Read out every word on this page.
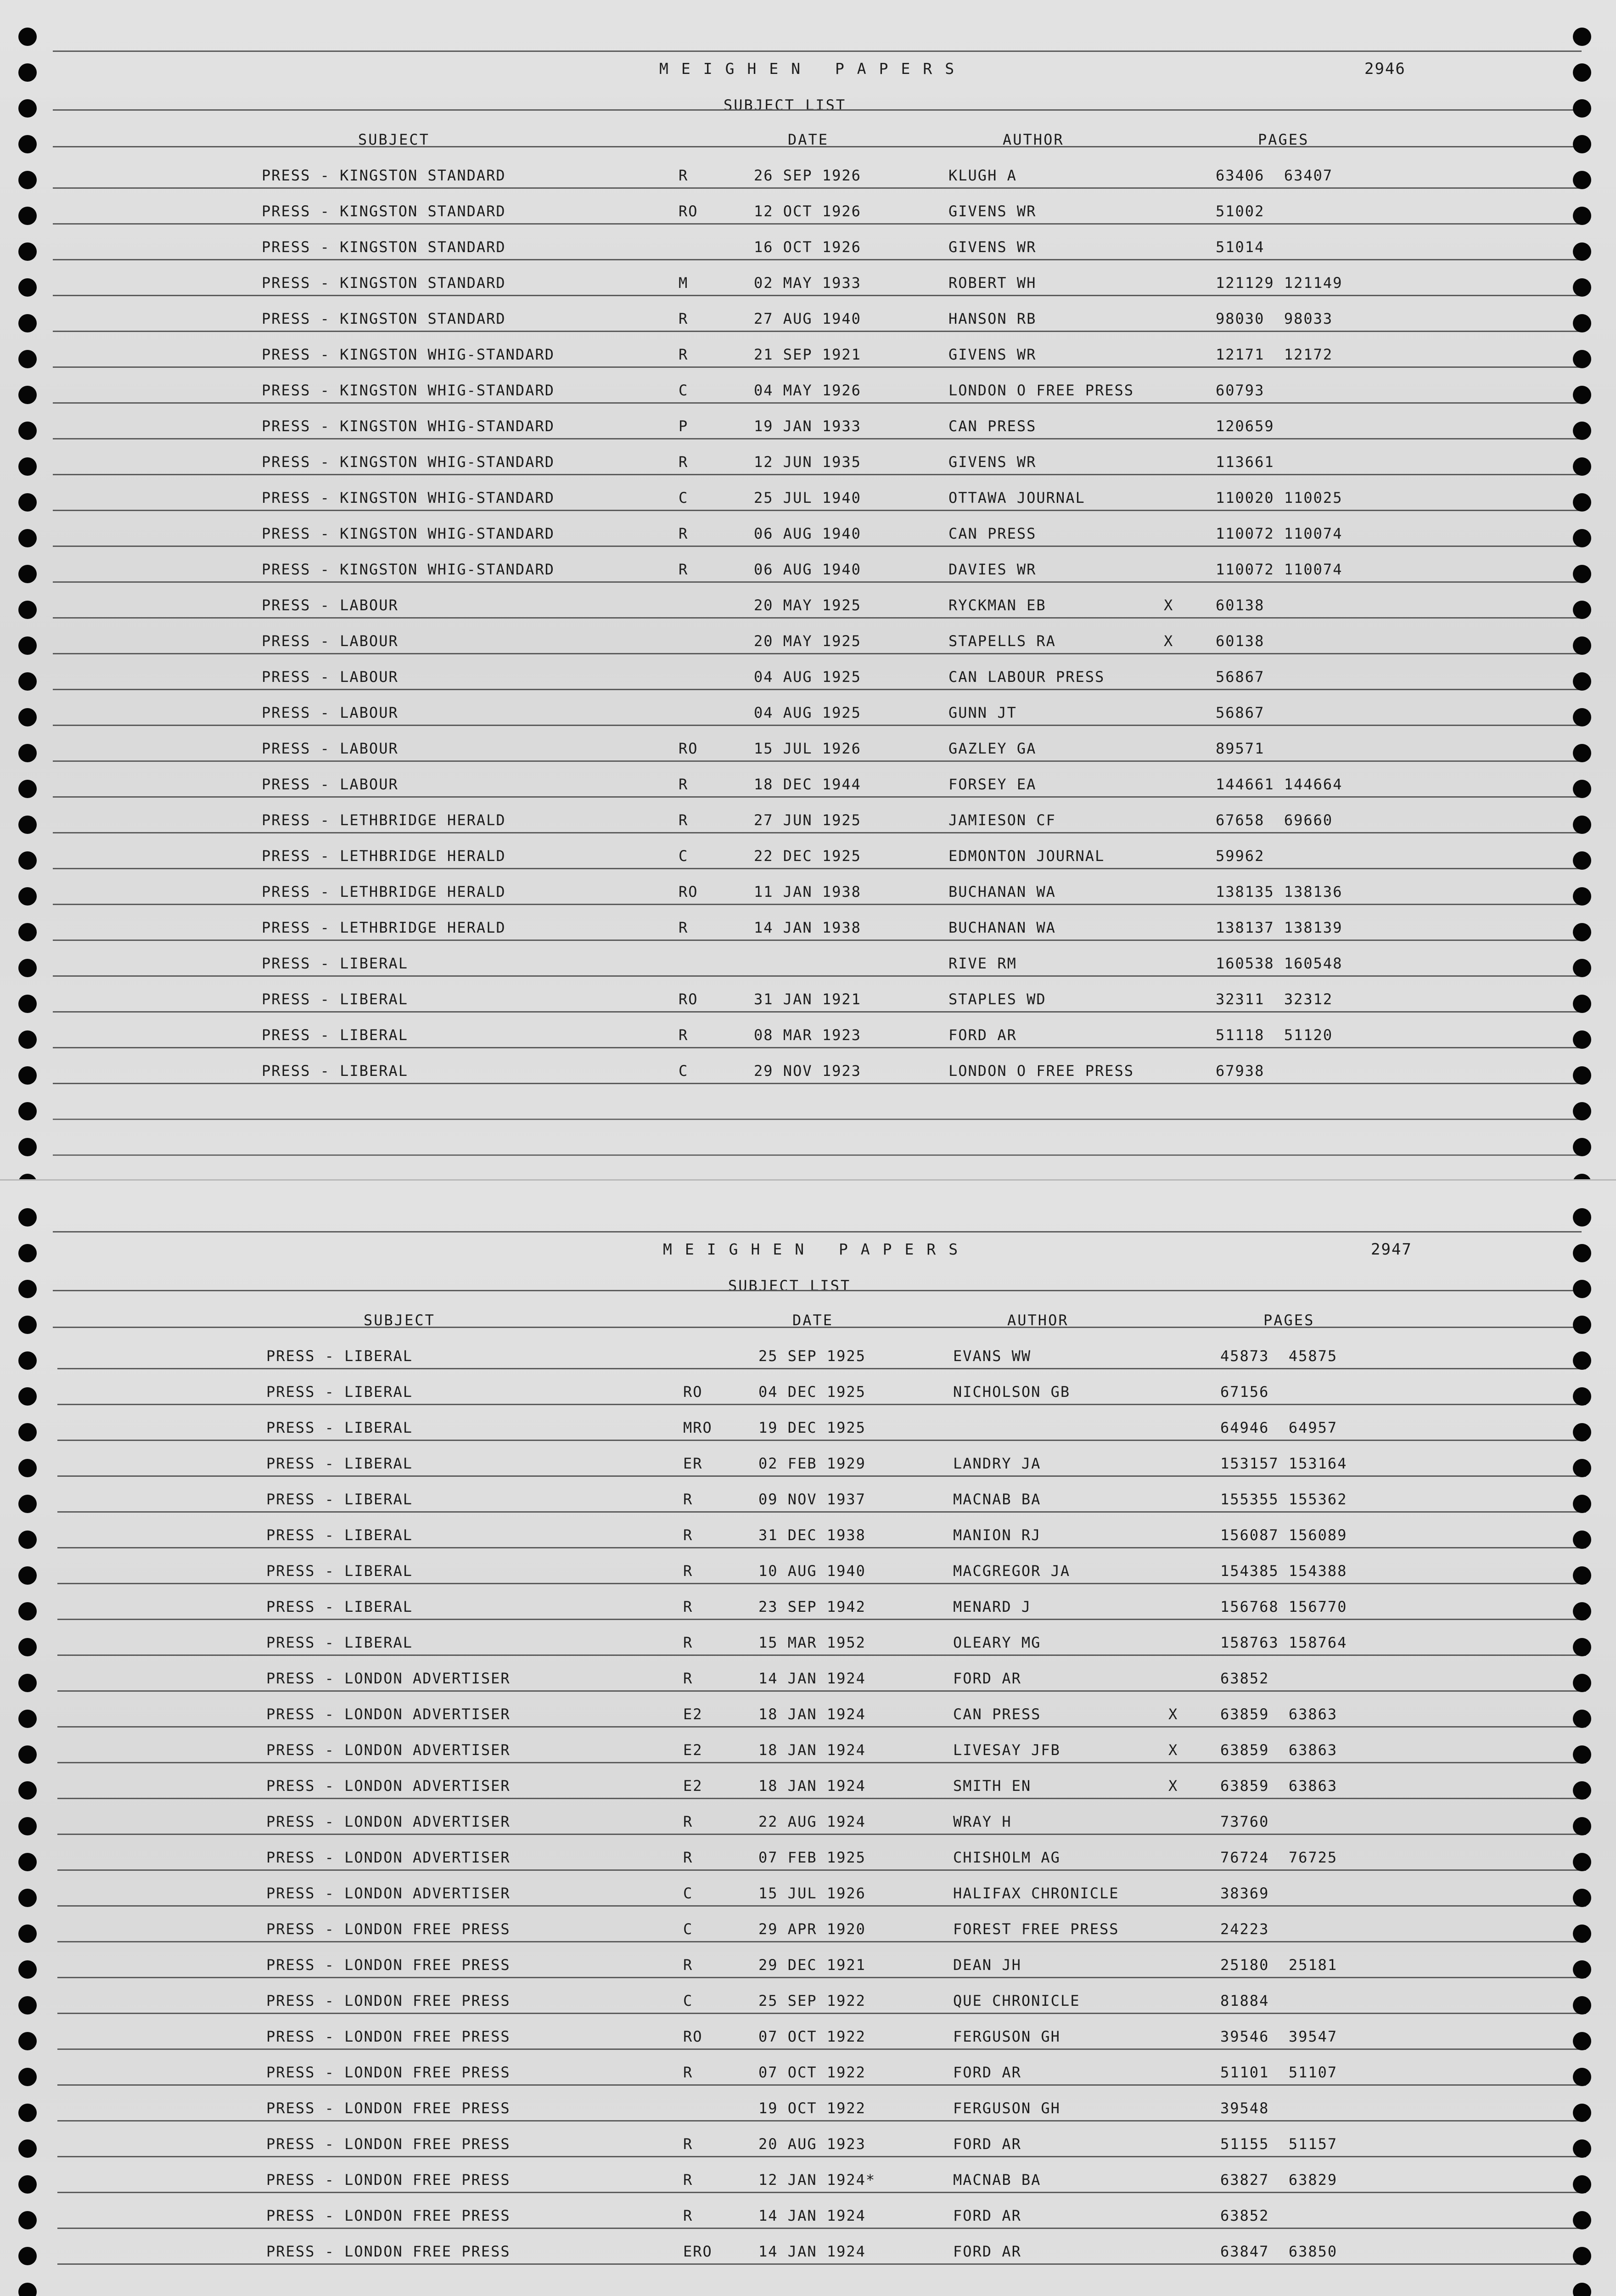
MEIGHEN PAPERS	2946
SUBJECT LIST
SUBJECT	DATE	AUTHOR	PAGES
PRESS - KINGSTON STANDARD	R	26 SEP 1926	KLUGH A	63406  63407
PRESS - KINGSTON STANDARD	RO	12 OCT 1926	GIVENS WR	51002
PRESS - KINGSTON STANDARD	16 OCT 1926	GIVENS WR	51014
PRESS - KINGSTON STANDARD	M	02 MAY 1933	ROBERT WH	121129 121149
PRESS - KINGSTON STANDARD	R	27 AUG 1940	HANSON RB	98030  98033
PRESS - KINGSTON WHIG-STANDARD	R	21 SEP 1921	GIVENS WR	12171  12172
PRESS - KINGSTON WHIG-STANDARD	C	04 MAY 1926	LONDON O FREE PRESS	60793
PRESS - KINGSTON WHIG-STANDARD	P	19 JAN 1933	CAN PRESS	120659
PRESS - KINGSTON WHIG-STANDARD	R	12 JUN 1935	GIVENS WR	113661
PRESS - KINGSTON WHIG-STANDARD	C	25 JUL 1940	OTTAWA JOURNAL	110020 110025
PRESS - KINGSTON WHIG-STANDARD	R	06 AUG 1940	CAN PRESS	110072 110074
PRESS - KINGSTON WHIG-STANDARD	R	06 AUG 1940	DAVIES WR	110072 110074
PRESS - LABOUR	20 MAY 1925	RYCKMAN EB	X	60138
PRESS - LABOUR	20 MAY 1925	STAPELLS RA	X	60138
PRESS - LABOUR	04 AUG 1925	CAN LABOUR PRESS	56867
PRESS - LABOUR	04 AUG 1925	GUNN JT	56867
PRESS - LABOUR	RO	15 JUL 1926	GAZLEY GA	89571
PRESS - LABOUR	R	18 DEC 1944	FORSEY EA	144661 144664
PRESS - LETHBRIDGE HERALD	R	27 JUN 1925	JAMIESON CF	67658  69660
PRESS - LETHBRIDGE HERALD	C	22 DEC 1925	EDMONTON JOURNAL	59962
PRESS - LETHBRIDGE HERALD	RO	11 JAN 1938	BUCHANAN WA	138135 138136
PRESS - LETHBRIDGE HERALD	R	14 JAN 1938	BUCHANAN WA	138137 138139
PRESS - LIBERAL	RIVE RM	160538 160548
PRESS - LIBERAL	RO	31 JAN 1921	STAPLES WD	32311  32312
PRESS - LIBERAL	R	08 MAR 1923	FORD AR	51118  51120
PRESS - LIBERAL	C	29 NOV 1923	LONDON O FREE PRESS	67938
MEIGHEN PAPERS	2947
SUBJECT LIST
SUBJECT	DATE	AUTHOR	PAGES
PRESS - LIBERAL	25 SEP 1925	EVANS WW	45873  45875
PRESS - LIBERAL	RO	04 DEC 1925	NICHOLSON GB	67156
PRESS - LIBERAL	MRO	19 DEC 1925	64946  64957
PRESS - LIBERAL	ER	02 FEB 1929	LANDRY JA	153157 153164
PRESS - LIBERAL	R	09 NOV 1937	MACNAB BA	155355 155362
PRESS - LIBERAL	R	31 DEC 1938	MANION RJ	156087 156089
PRESS - LIBERAL	R	10 AUG 1940	MACGREGOR JA	154385 154388
PRESS - LIBERAL	R	23 SEP 1942	MENARD J	156768 156770
PRESS - LIBERAL	R	15 MAR 1952	OLEARY MG	158763 158764
PRESS - LONDON ADVERTISER	R	14 JAN 1924	FORD AR	63852
PRESS - LONDON ADVERTISER	E2	18 JAN 1924	CAN PRESS	X	63859  63863
PRESS - LONDON ADVERTISER	E2	18 JAN 1924	LIVESAY JFB	X	63859  63863
PRESS - LONDON ADVERTISER	E2	18 JAN 1924	SMITH EN	X	63859  63863
PRESS - LONDON ADVERTISER	R	22 AUG 1924	WRAY H	73760
PRESS - LONDON ADVERTISER	R	07 FEB 1925	CHISHOLM AG	76724  76725
PRESS - LONDON ADVERTISER	C	15 JUL 1926	HALIFAX CHRONICLE	38369
PRESS - LONDON FREE PRESS	C	29 APR 1920	FOREST FREE PRESS	24223
PRESS - LONDON FREE PRESS	R	29 DEC 1921	DEAN JH	25180  25181
PRESS - LONDON FREE PRESS	C	25 SEP 1922	QUE CHRONICLE	81884
PRESS - LONDON FREE PRESS	RO	07 OCT 1922	FERGUSON GH	39546  39547
PRESS - LONDON FREE PRESS	R	07 OCT 1922	FORD AR	51101  51107
PRESS - LONDON FREE PRESS	19 OCT 1922	FERGUSON GH	39548
PRESS - LONDON FREE PRESS	R	20 AUG 1923	FORD AR	51155  51157
PRESS - LONDON FREE PRESS	R	12 JAN 1924*	MACNAB BA	63827  63829
PRESS - LONDON FREE PRESS	R	14 JAN 1924	FORD AR	63852
PRESS - LONDON FREE PRESS	ERO	14 JAN 1924	FORD AR	63847  63850
